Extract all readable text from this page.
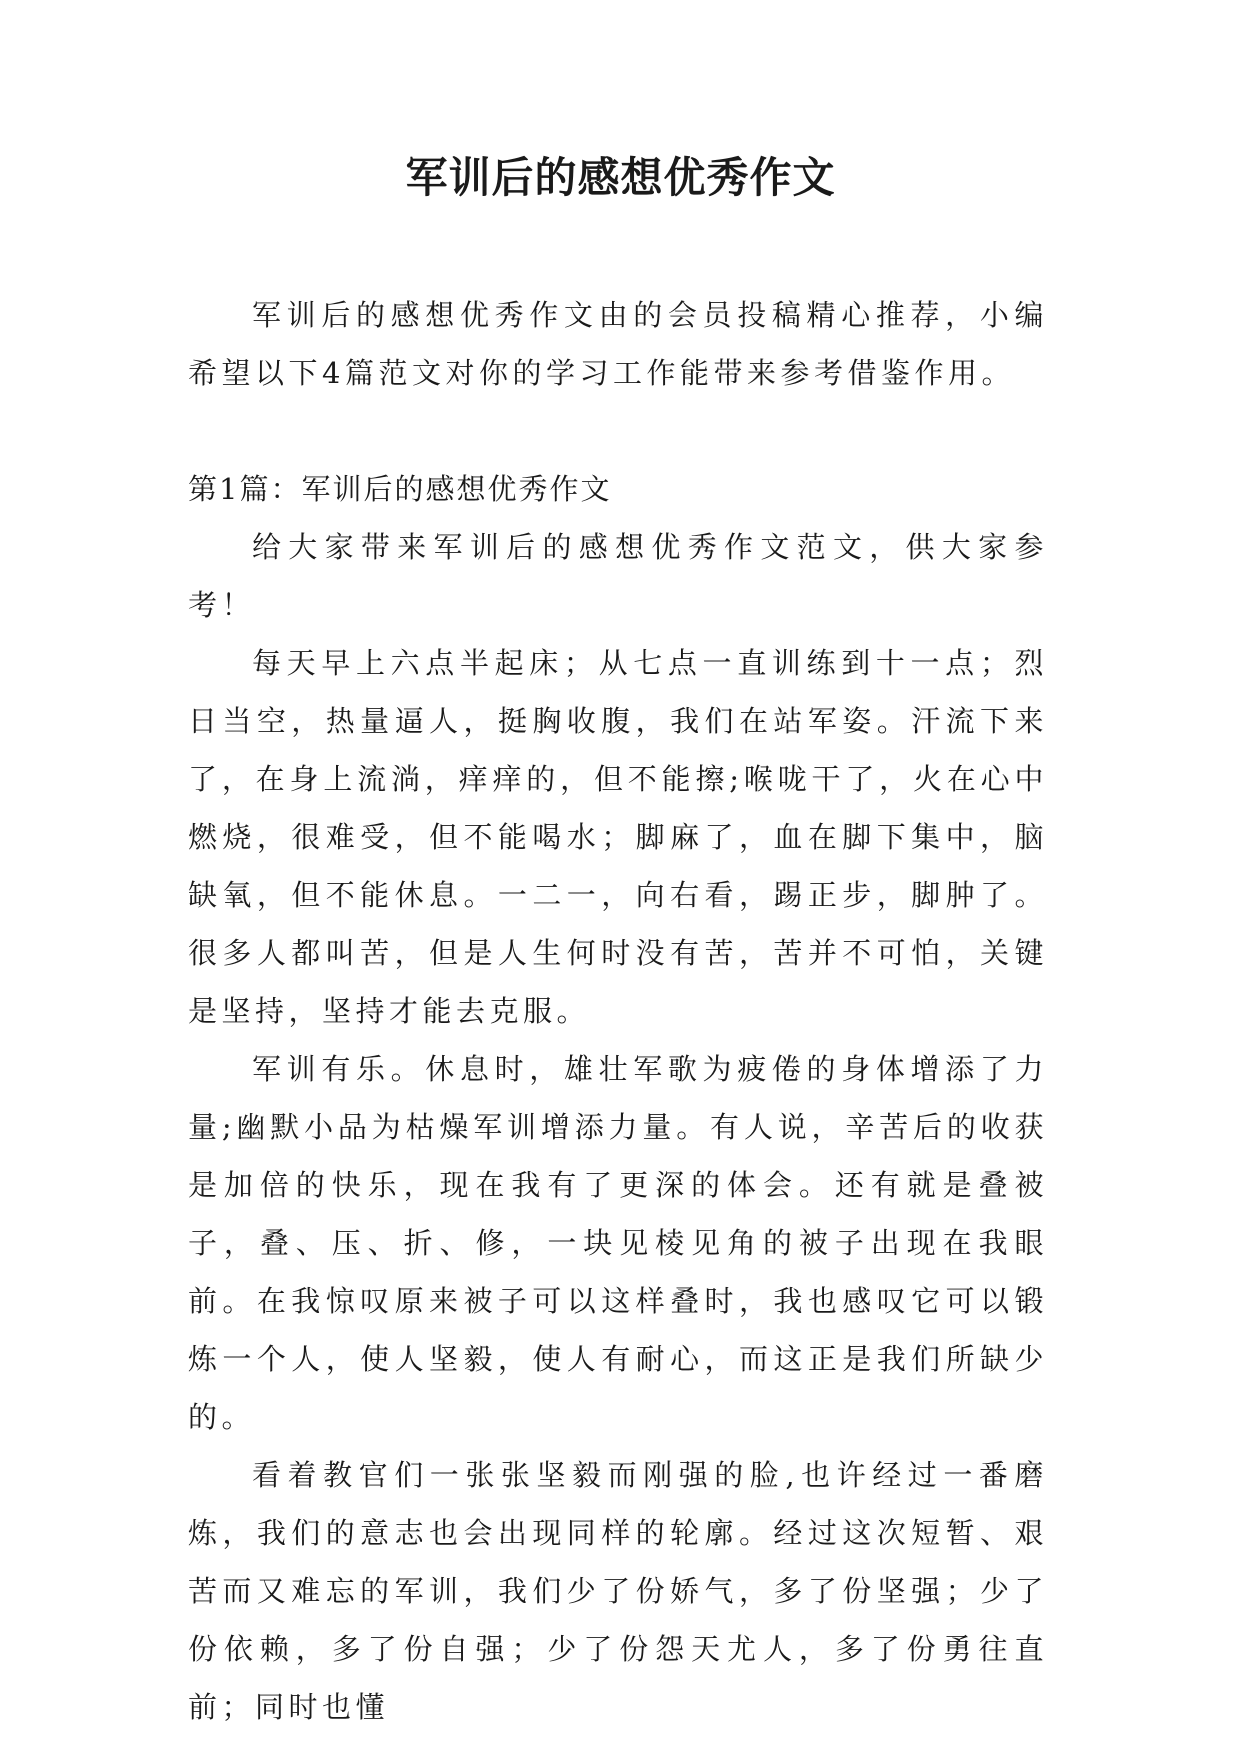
军训后的感想优秀作文

军训后的感想优秀作文由的会员投稿精心推荐，小编希望以下4篇范文对你的学习工作能带来参考借鉴作用。

第1篇：军训后的感想优秀作文

给大家带来军训后的感想优秀作文范文，供大家参考！

每天早上六点半起床；从七点一直训练到十一点；烈日当空，热量逼人，挺胸收腹，我们在站军姿。汗流下来了，在身上流淌，痒痒的，但不能擦;喉咙干了，火在心中燃烧，很难受，但不能喝水；脚麻了，血在脚下集中，脑缺氧，但不能休息。一二一，向右看，踢正步，脚肿了。很多人都叫苦，但是人生何时没有苦，苦并不可怕，关键是坚持，坚持才能去克服。

军训有乐。休息时，雄壮军歌为疲倦的身体增添了力量;幽默小品为枯燥军训增添力量。有人说，辛苦后的收获是加倍的快乐，现在我有了更深的体会。还有就是叠被子，叠、压、折、修，一块见棱见角的被子出现在我眼前。在我惊叹原来被子可以这样叠时，我也感叹它可以锻炼一个人，使人坚毅，使人有耐心，而这正是我们所缺少的。

看着教官们一张张坚毅而刚强的脸,也许经过一番磨炼，我们的意志也会出现同样的轮廓。经过这次短暂、艰苦而又难忘的军训，我们少了份娇气，多了份坚强；少了份依赖，多了份自强；少了份怨天尤人，多了份勇往直前；同时也懂
